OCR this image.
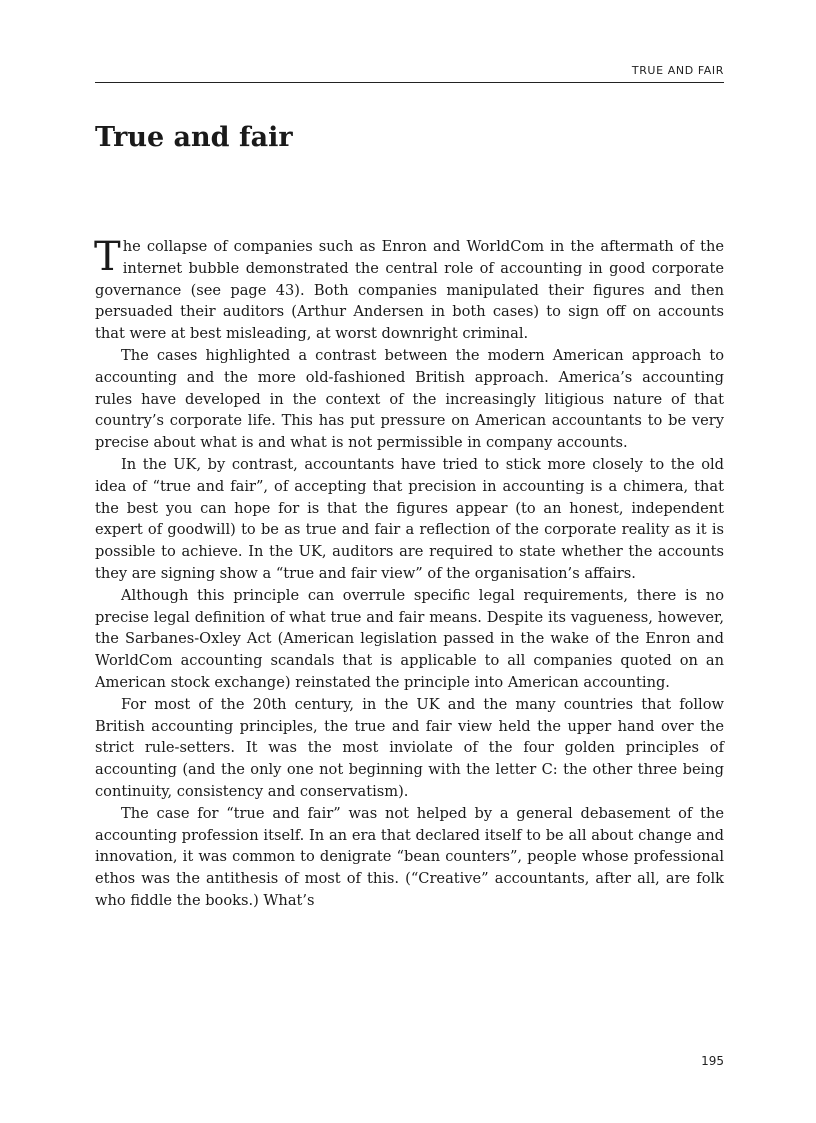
TRUE AND FAIR
True and fair

The collapse of companies such as Enron and WorldCom in the aftermath of the internet bubble demonstrated the central role of accounting in good corporate governance (see page 43). Both companies manipulated their figures and then persuaded their auditors (Arthur Andersen in both cases) to sign off on accounts that were at best misleading, at worst downright criminal.

The cases highlighted a contrast between the modern American approach to accounting and the more old-fashioned British approach. America’s accounting rules have developed in the context of the increasingly litigious nature of that country’s corporate life. This has put pressure on American accountants to be very precise about what is and what is not permissible in company accounts.

In the UK, by contrast, accountants have tried to stick more closely to the old idea of “true and fair”, of accepting that precision in accounting is a chimera, that the best you can hope for is that the figures appear (to an honest, independent expert of goodwill) to be as true and fair a reflection of the corporate reality as it is possible to achieve. In the UK, auditors are required to state whether the accounts they are signing show a “true and fair view” of the organisation’s affairs.

Although this principle can overrule specific legal requirements, there is no precise legal definition of what true and fair means. Despite its vagueness, however, the Sarbanes-Oxley Act (American legislation passed in the wake of the Enron and WorldCom accounting scandals that is applicable to all companies quoted on an American stock exchange) reinstated the principle into American accounting.

For most of the 20th century, in the UK and the many countries that follow British accounting principles, the true and fair view held the upper hand over the strict rule-setters. It was the most inviolate of the four golden principles of accounting (and the only one not beginning with the letter C: the other three being continuity, consistency and conservatism).

The case for “true and fair” was not helped by a general debasement of the accounting profession itself. In an era that declared itself to be all about change and innovation, it was common to denigrate “bean counters”, people whose professional ethos was the antithesis of most of this. (“Creative” accountants, after all, are folk who fiddle the books.) What’s

195
